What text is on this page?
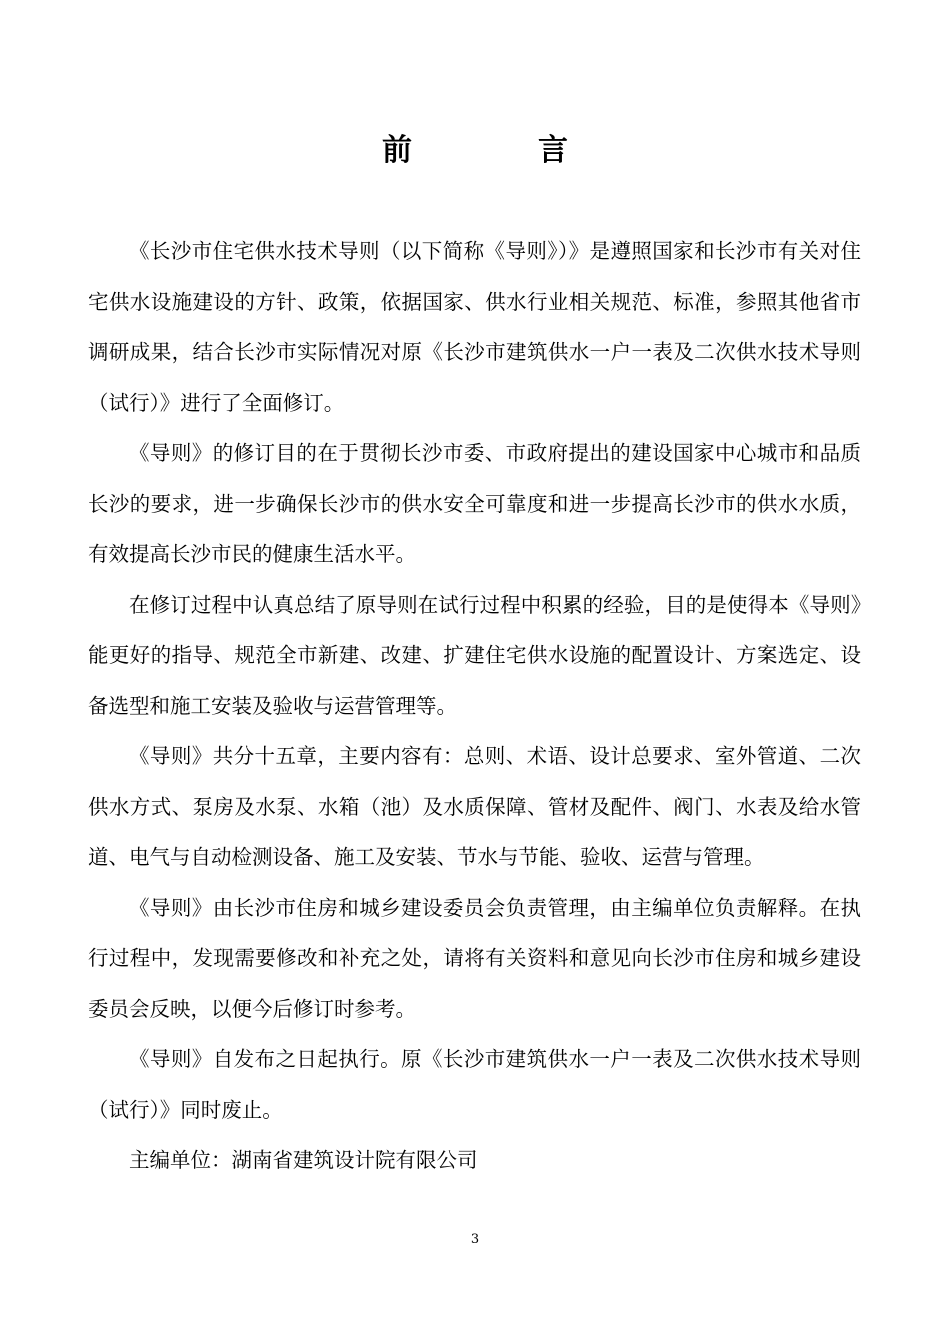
前　言

《长沙市住宅供水技术导则（以下简称《导则》）》是遵照国家和长沙市有关对住宅供水设施建设的方针、政策，依据国家、供水行业相关规范、标准，参照其他省市调研成果，结合长沙市实际情况对原《长沙市建筑供水一户一表及二次供水技术导则（试行）》进行了全面修订。

《导则》的修订目的在于贯彻长沙市委、市政府提出的建设国家中心城市和品质长沙的要求，进一步确保长沙市的供水安全可靠度和进一步提高长沙市的供水水质，有效提高长沙市民的健康生活水平。

在修订过程中认真总结了原导则在试行过程中积累的经验，目的是使得本《导则》能更好的指导、规范全市新建、改建、扩建住宅供水设施的配置设计、方案选定、设备选型和施工安装及验收与运营管理等。

《导则》共分十五章，主要内容有：总则、术语、设计总要求、室外管道、二次供水方式、泵房及水泵、水箱（池）及水质保障、管材及配件、阀门、水表及给水管道、电气与自动检测设备、施工及安装、节水与节能、验收、运营与管理。

《导则》由长沙市住房和城乡建设委员会负责管理，由主编单位负责解释。在执行过程中，发现需要修改和补充之处，请将有关资料和意见向长沙市住房和城乡建设委员会反映，以便今后修订时参考。

《导则》自发布之日起执行。原《长沙市建筑供水一户一表及二次供水技术导则（试行）》同时废止。

主编单位：湖南省建筑设计院有限公司

3
